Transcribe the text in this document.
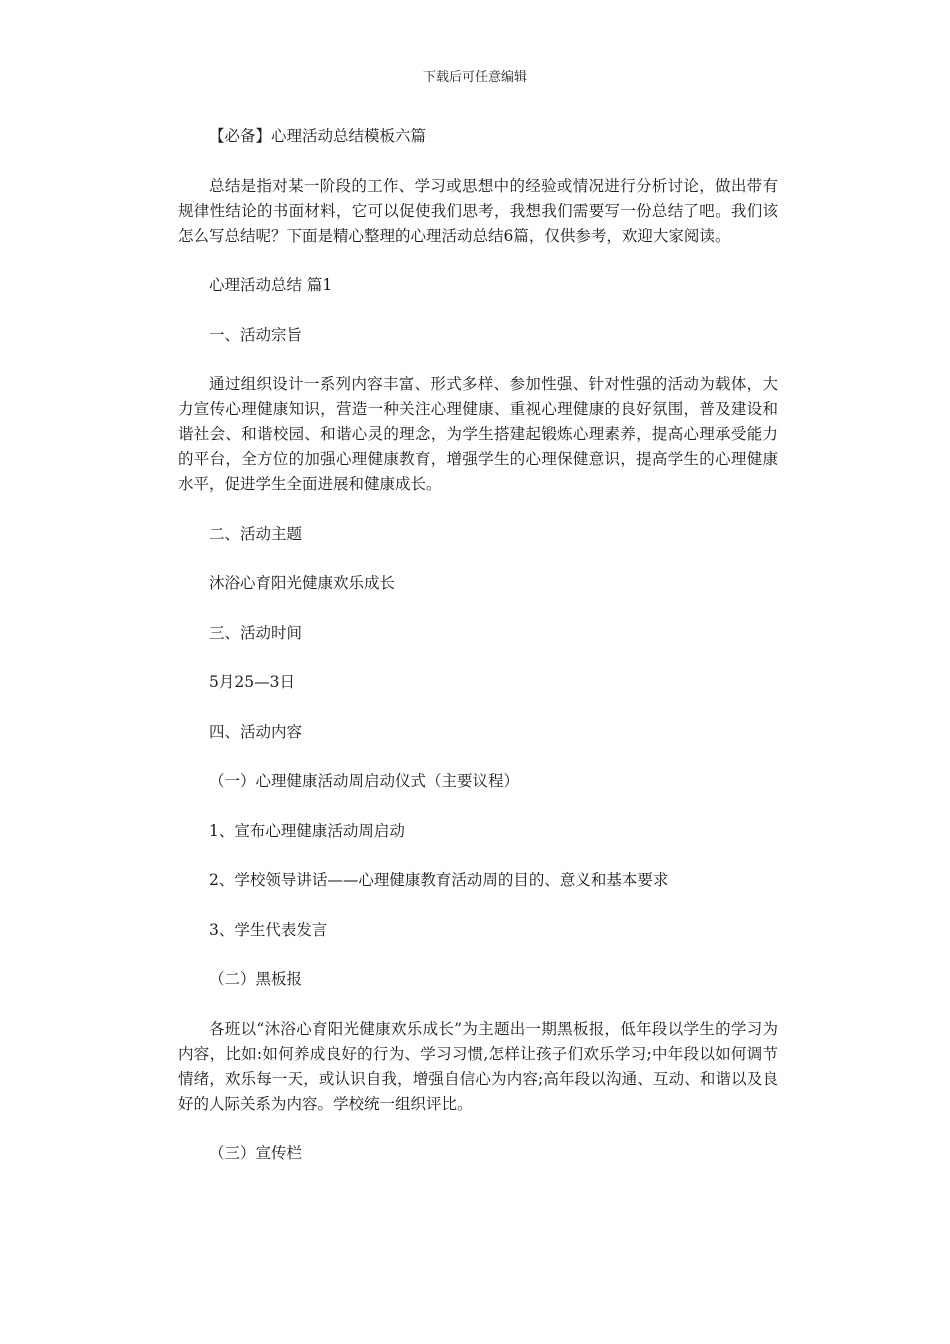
下载后可任意编辑

【必备】心理活动总结模板六篇

总结是指对某一阶段的工作、学习或思想中的经验或情况进行分析讨论，做出带有规律性结论的书面材料，它可以促使我们思考，我想我们需要写一份总结了吧。我们该怎么写总结呢？下面是精心整理的心理活动总结6篇，仅供参考，欢迎大家阅读。

心理活动总结 篇1

一、活动宗旨

通过组织设计一系列内容丰富、形式多样、参加性强、针对性强的活动为载体，大力宣传心理健康知识，营造一种关注心理健康、重视心理健康的良好氛围，普及建设和谐社会、和谐校园、和谐心灵的理念，为学生搭建起锻炼心理素养，提高心理承受能力的平台，全方位的加强心理健康教育，增强学生的心理保健意识，提高学生的心理健康水平，促进学生全面进展和健康成长。

二、活动主题

沐浴心育阳光健康欢乐成长

三、活动时间

5月25—3日

四、活动内容

（一）心理健康活动周启动仪式（主要议程）

1、宣布心理健康活动周启动

2、学校领导讲话——心理健康教育活动周的目的、意义和基本要求

3、学生代表发言

（二）黑板报

各班以“沐浴心育阳光健康欢乐成长”为主题出一期黑板报，低年段以学生的学习为内容，比如:如何养成良好的行为、学习习惯,怎样让孩子们欢乐学习;中年段以如何调节情绪，欢乐每一天，或认识自我，增强自信心为内容;高年段以沟通、互动、和谐以及良好的人际关系为内容。学校统一组织评比。

（三）宣传栏
